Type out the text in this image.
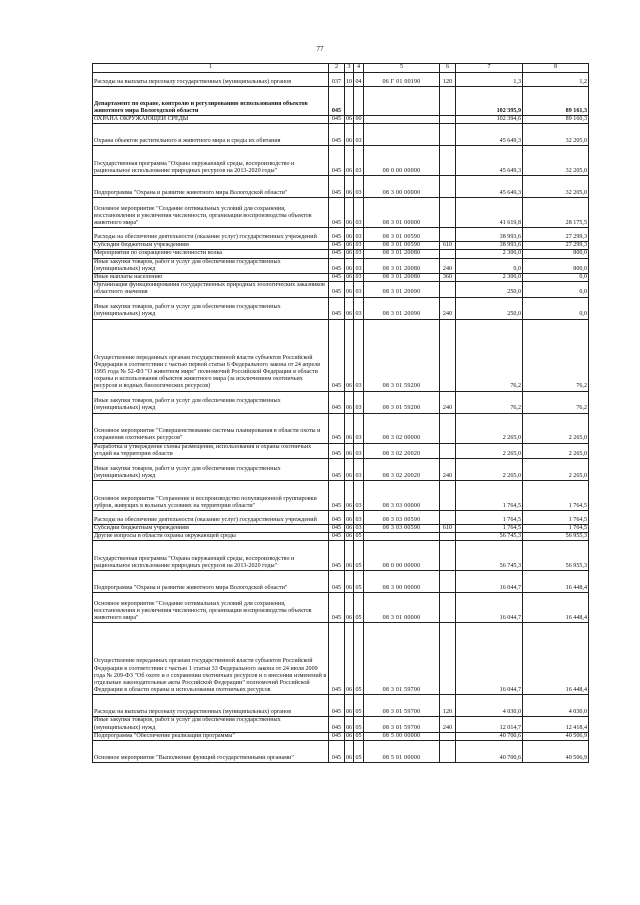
77
1	2	3	4	5	6	7	8
Расходы на выплаты персоналу государственных (муниципальных) органов	037	10	04	06 Г 01 00190	120	1,3	1,2
Департамент по охране, контролю и регулированию использования объектов животного мира Вологодской области	045					102 395,9	89 161,3
ОХРАНА ОКРУЖАЮЩЕЙ СРЕДЫ	045	06	00			102 394,6	89 160,3
Охрана объектов растительного и животного мира и среды их обитания	045	06	03			45 649,3	32 205,0
Государственная программа "Охрана окружающей среды, воспроизводство и рациональное использование природных ресурсов на 2013-2020 годы"	045	06	03	08 0 00 00000		45 649,3	32 205,0
Подпрограмма "Охрана и развитие животного мира Вологодской области"	045	06	03	08 3 00 00000		45 649,3	32 205,0
Основное мероприятие "Создание оптимальных условий для сохранения, восстановления и увеличения численности, организации воспроизводства объектов животного мира"	045	06	03	08 3 01 00000		41 619,8	28 175,5
Расходы на обеспечение деятельности (оказание услуг) государственных учреждений	045	06	03	08 3 01 00590		38 993,6	27 299,3
Субсидии бюджетным учреждениям	045	06	03	08 3 01 00590	610	38 993,6	27 299,3
Мероприятия по сокращению численности волка	045	06	03	08 3 01 20080		2 300,0	800,0
Иные закупки товаров, работ и услуг для обеспечения государственных (муниципальных) нужд	045	06	03	08 3 01 20080	240	0,0	800,0
Иные выплаты населению	045	06	03	08 3 01 20080	360	2 300,0	0,0
Организация функционирования государственных природных зоологических заказников областного значения	045	06	03	08 3 01 20090		250,0	0,0
Иные закупки товаров, работ и услуг для обеспечения государственных (муниципальных) нужд	045	06	03	08 3 01 20090	240	250,0	0,0
Осуществление переданных органам государственной власти субъектов Российской Федерации в соответствии с частью первой статьи 6 Федерального закона от 24 апреля 1995 года № 52-ФЗ "О животном мире" полномочий Российской Федерации в области охраны и использования объектов животного мира (за исключением охотничьих ресурсов и водных биологических ресурсов)	045	06	03	08 3 01 59200		76,2	76,2
Иные закупки товаров, работ и услуг для обеспечения государственных (муниципальных) нужд	045	06	03	08 3 01 59200	240	76,2	76,2
Основное мероприятие "Совершенствование системы планирования в области охоты и сохранения охотничьих ресурсов"	045	06	03	08 3 02 00000		2 265,0	2 265,0
Разработка и утверждение схемы размещения, использования и охраны охотничьих угодий на территории области	045	06	03	08 3 02 20020		2 265,0	2 265,0
Иные закупки товаров, работ и услуг для обеспечения государственных (муниципальных) нужд	045	06	03	08 3 02 20020	240	2 265,0	2 265,0
Основное мероприятие "Сохранение и воспроизводство популяционной группировки зубров, живущих в вольных условиях на территории области"	045	06	03	08 3 03 00000		1 764,5	1 764,5
Расходы на обеспечение деятельности (оказание услуг) государственных учреждений	045	06	03	08 3 03 00590		1 764,5	1 764,5
Субсидии бюджетным учреждениям	045	06	03	08 3 03 00590	610	1 764,5	1 764,5
Другие вопросы в области охраны окружающей среды	045	06	05			56 745,3	56 955,3
Государственная программа "Охрана окружающей среды, воспроизводство и рациональное использование природных ресурсов на 2013-2020 годы"	045	06	05	08 0 00 00000		56 745,3	56 955,3
Подпрограмма "Охрана и развитие животного мира Вологодской области"	045	06	05	08 3 00 00000		16 044,7	16 448,4
Основное мероприятие "Создание оптимальных условий для сохранения, восстановления и увеличения численности, организации воспроизводства объектов животного мира"	045	06	05	08 3 01 00000		16 044,7	16 448,4
Осуществление переданных органам государственной власти субъектов Российской Федерации в соответствии с частью 1 статьи 33 Федерального закона от 24 июля 2009 года № 209-ФЗ "Об охоте и о сохранении охотничьих ресурсов и о внесении изменений в отдельные законодательные акты Российской Федерации" полномочий Российской Федерации в области охраны и использования охотничьих ресурсов	045	06	05	08 3 01 59700		16 044,7	16 448,4
Расходы на выплаты персоналу государственных (муниципальных) органов	045	06	05	08 3 01 59700	120	4 030,0	4 030,0
Иные закупки товаров, работ и услуг для обеспечения государственных (муниципальных) нужд	045	06	05	08 3 01 59700	240	12 014,7	12 418,4
Подпрограмма "Обеспечение реализации программы"	045	06	05	08 5 00 00000		40 700,6	40 506,9
Основное мероприятие "Выполнение функций государственными органами"	045	06	05	08 5 01 00000		40 700,6	40 506,9
